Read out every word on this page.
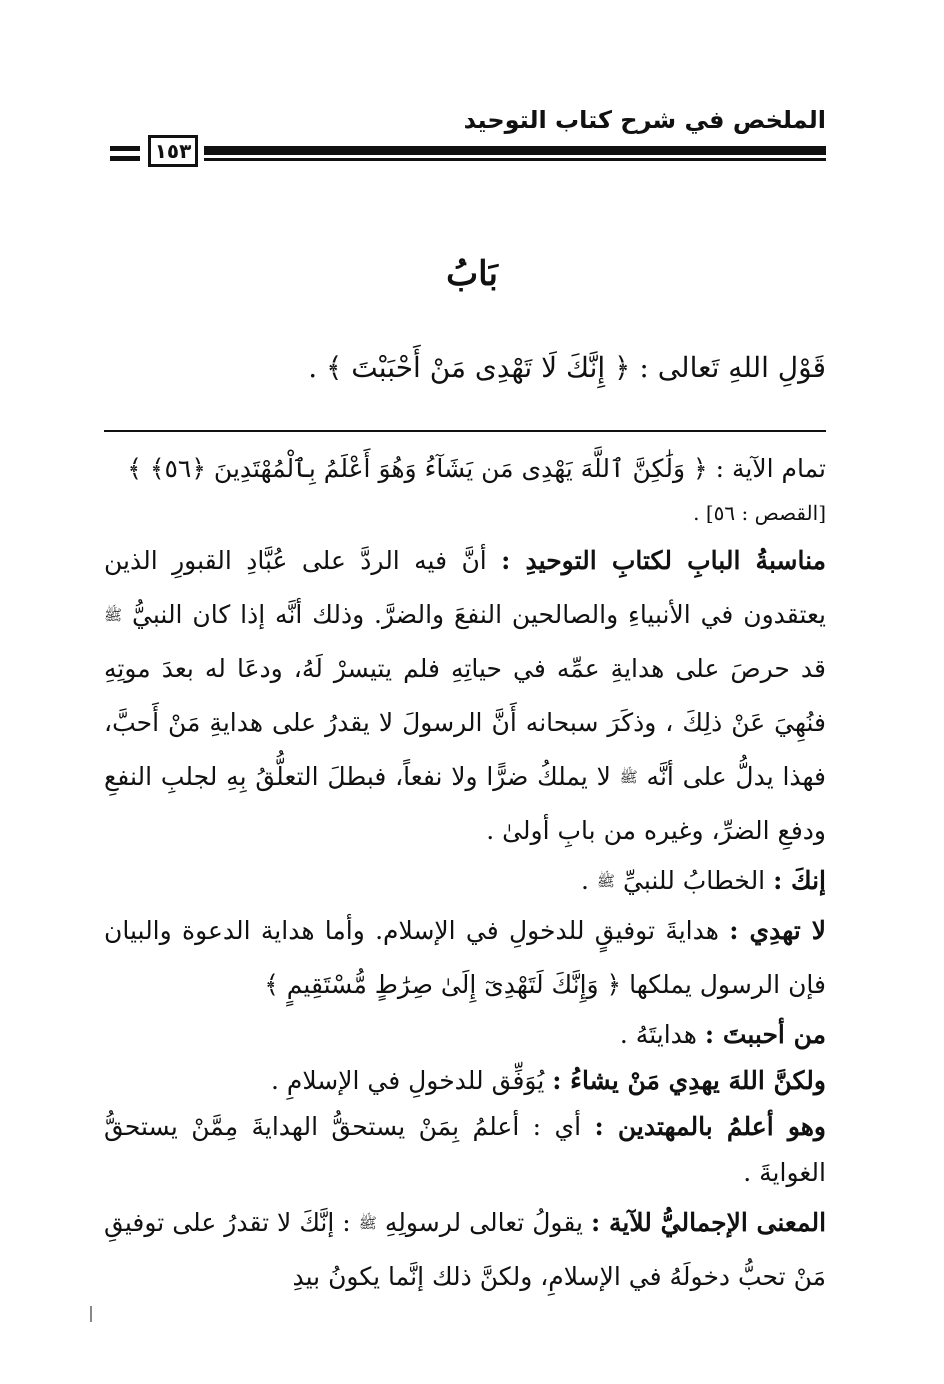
الملخص في شرح كتاب التوحيد
١٥٣
بَابُ
قَوْلِ اللهِ تَعالى : ﴿ إِنَّكَ لَا تَهْدِى مَنْ أَحْبَبْتَ ﴾ .

تمام الآية : ﴿ وَلَٰكِنَّ ٱللَّهَ يَهْدِى مَن يَشَآءُ وَهُوَ أَعْلَمُ بِٱلْمُهْتَدِينَ ﴿٥٦﴾ ﴾

[القصص : ٥٦] .

مناسبةُ البابِ لكتابِ التوحيدِ : أنَّ فيه الردَّ على عُبَّادِ القبورِ الذين يعتقدون في الأنبياءِ والصالحين النفعَ والضرَّ. وذلك أنَّه إذا كان النبيُّ ﷺ قد حرصَ على هدايةِ عمِّه في حياتِهِ فلم يتيسرْ لَهُ، ودعَا له بعدَ موتِهِ فنُهِيَ عَنْ ذلِكَ ، وذكَرَ سبحانه أَنَّ الرسولَ لا يقدرُ على هدايةِ مَنْ أَحبَّ، فهذا يدلُّ على أنَّه ﷺ لا يملكُ ضرًّا ولا نفعاً، فبطلَ التعلُّقُ بِهِ لجلبِ النفعِ ودفعِ الضرِّ، وغيره من بابِ أولىٰ .

إنكَ : الخطابُ للنبيِّ ﷺ .

لا تهدِي : هدايةَ توفيقٍ للدخولِ في الإسلام. وأما هداية الدعوة والبيان فإن الرسول يملكها ﴿ وَإِنَّكَ لَتَهْدِىٓ إِلَىٰ صِرَٰطٍ مُّسْتَقِيمٍ ﴾

من أحببتَ : هدايتَهُ .

ولكنَّ اللهَ يهدِي مَنْ يشاءُ : يُوَفِّق للدخولِ في الإسلامِ .

وهو أعلمُ بالمهتدين : أي : أعلمُ بِمَنْ يستحقُّ الهدايةَ مِمَّنْ يستحقُّ الغوايةَ .

المعنى الإجماليُّ للآية : يقولُ تعالى لرسولِهِ ﷺ : إنَّكَ لا تقدرُ على توفيقِ مَنْ تحبُّ دخولَهُ في الإسلامِ، ولكنَّ ذلك إنَّما يكونُ بيدِ
